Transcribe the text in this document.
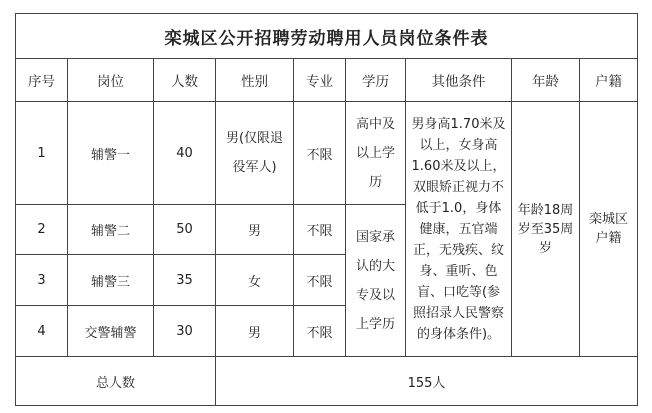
栾城区公开招聘劳动聘用人员岗位条件表								
序号	岗位	人数	性别	专业	学历	其他条件	年龄	户籍
1	辅警一	40	男(仅限退役军人)	不限	高中及以上学历	男身高1.70米及以上，女身高1.60米及以上，双眼矫正视力不低于1.0，身体健康，五官端正，无残疾、纹身、重听、色盲、口吃等(参照招录人民警察的身体条件)。	年龄18周岁至35周岁	栾城区户籍
2	辅警二	50	男	不限	国家承认的大专及以上学历			
3	辅警三	35	女	不限				
4	交警辅警	30	男	不限				
总人数			155人					
